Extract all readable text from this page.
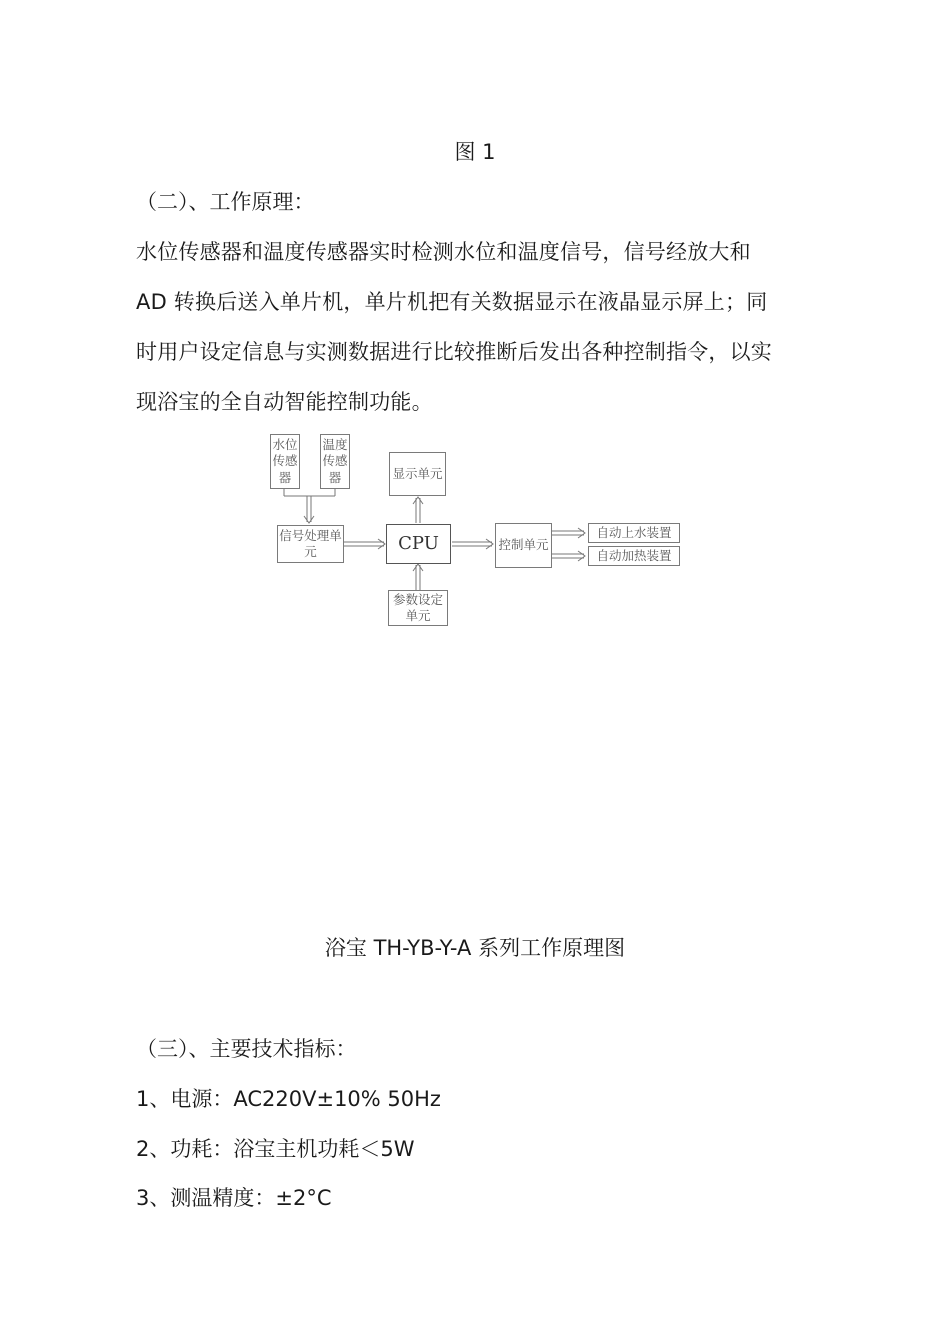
图 1
（二）、工作原理：
水位传感器和温度传感器实时检测水位和温度信号，信号经放大和
AD 转换后送入单片机，单片机把有关数据显示在液晶显示屏上；同
时用户设定信息与实测数据进行比较推断后发出各种控制指令，以实
现浴宝的全自动智能控制功能。
水位传感器
温度传感器	显示单元
信号处理单元	CPU	控制单元
自动上水装置
自动加热装置
参数设定单元
浴宝 TH-YB-Y-A 系列工作原理图
（三）、主要技术指标：
1、电源：AC220V±10% 50Hz
2、功耗：浴宝主机功耗＜5W
3、测温精度：±2°C
